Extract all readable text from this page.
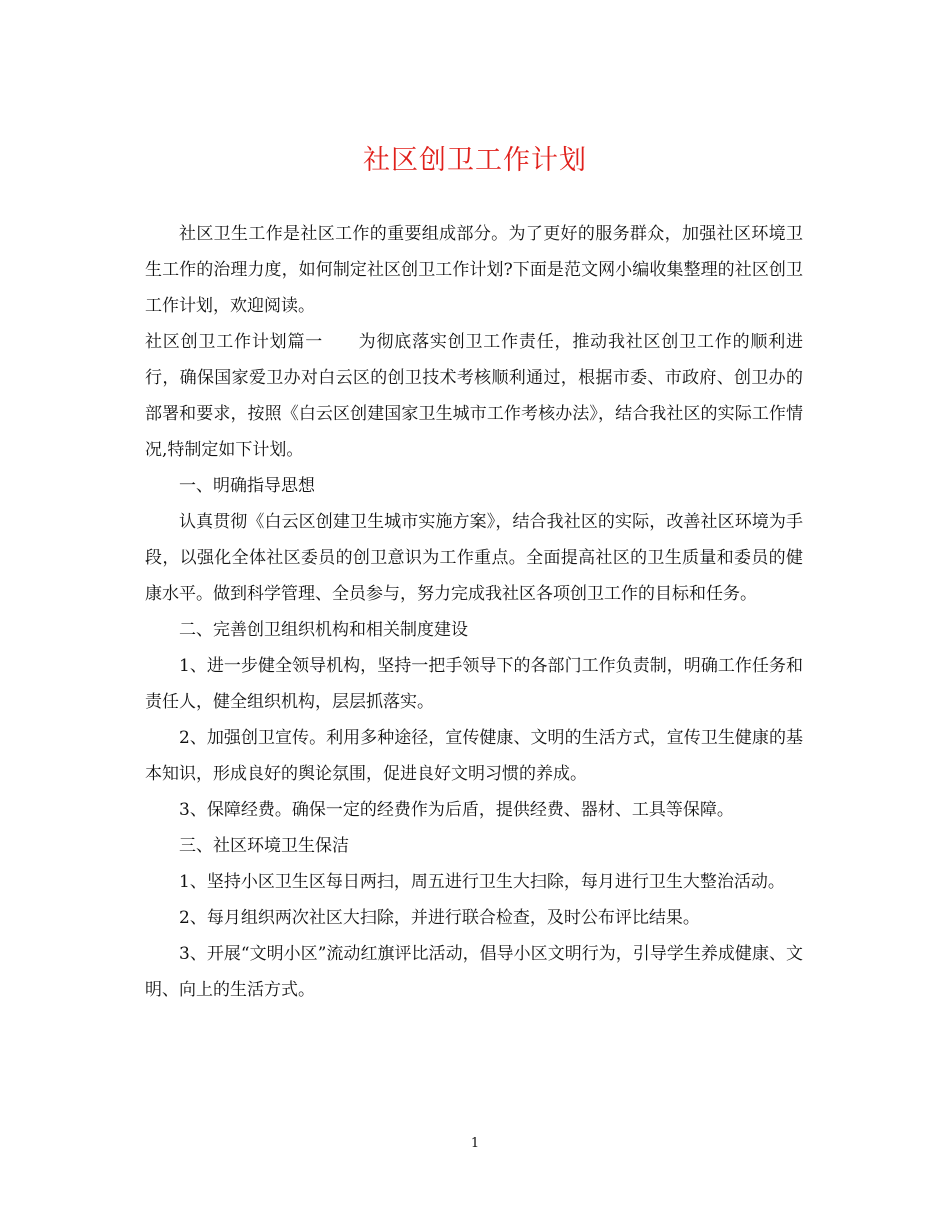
社区创卫工作计划

社区卫生工作是社区工作的重要组成部分。为了更好的服务群众，加强社区环境卫生工作的治理力度，如何制定社区创卫工作计划?下面是范文网小编收集整理的社区创卫工作计划，欢迎阅读。

社区创卫工作计划篇一　　为彻底落实创卫工作责任，推动我社区创卫工作的顺利进行，确保国家爱卫办对白云区的创卫技术考核顺利通过，根据市委、市政府、创卫办的部署和要求，按照《白云区创建国家卫生城市工作考核办法》，结合我社区的实际工作情况,特制定如下计划。

一、明确指导思想

认真贯彻《白云区创建卫生城市实施方案》，结合我社区的实际，改善社区环境为手段，以强化全体社区委员的创卫意识为工作重点。全面提高社区的卫生质量和委员的健康水平。做到科学管理、全员参与，努力完成我社区各项创卫工作的目标和任务。

二、完善创卫组织机构和相关制度建设

1、进一步健全领导机构，坚持一把手领导下的各部门工作负责制，明确工作任务和责任人，健全组织机构，层层抓落实。

2、加强创卫宣传。利用多种途径，宣传健康、文明的生活方式，宣传卫生健康的基本知识，形成良好的舆论氛围，促进良好文明习惯的养成。

3、保障经费。确保一定的经费作为后盾，提供经费、器材、工具等保障。

三、社区环境卫生保洁

1、坚持小区卫生区每日两扫，周五进行卫生大扫除，每月进行卫生大整治活动。

2、每月组织两次社区大扫除，并进行联合检查，及时公布评比结果。

3、开展“文明小区”流动红旗评比活动，倡导小区文明行为，引导学生养成健康、文明、向上的生活方式。

1
